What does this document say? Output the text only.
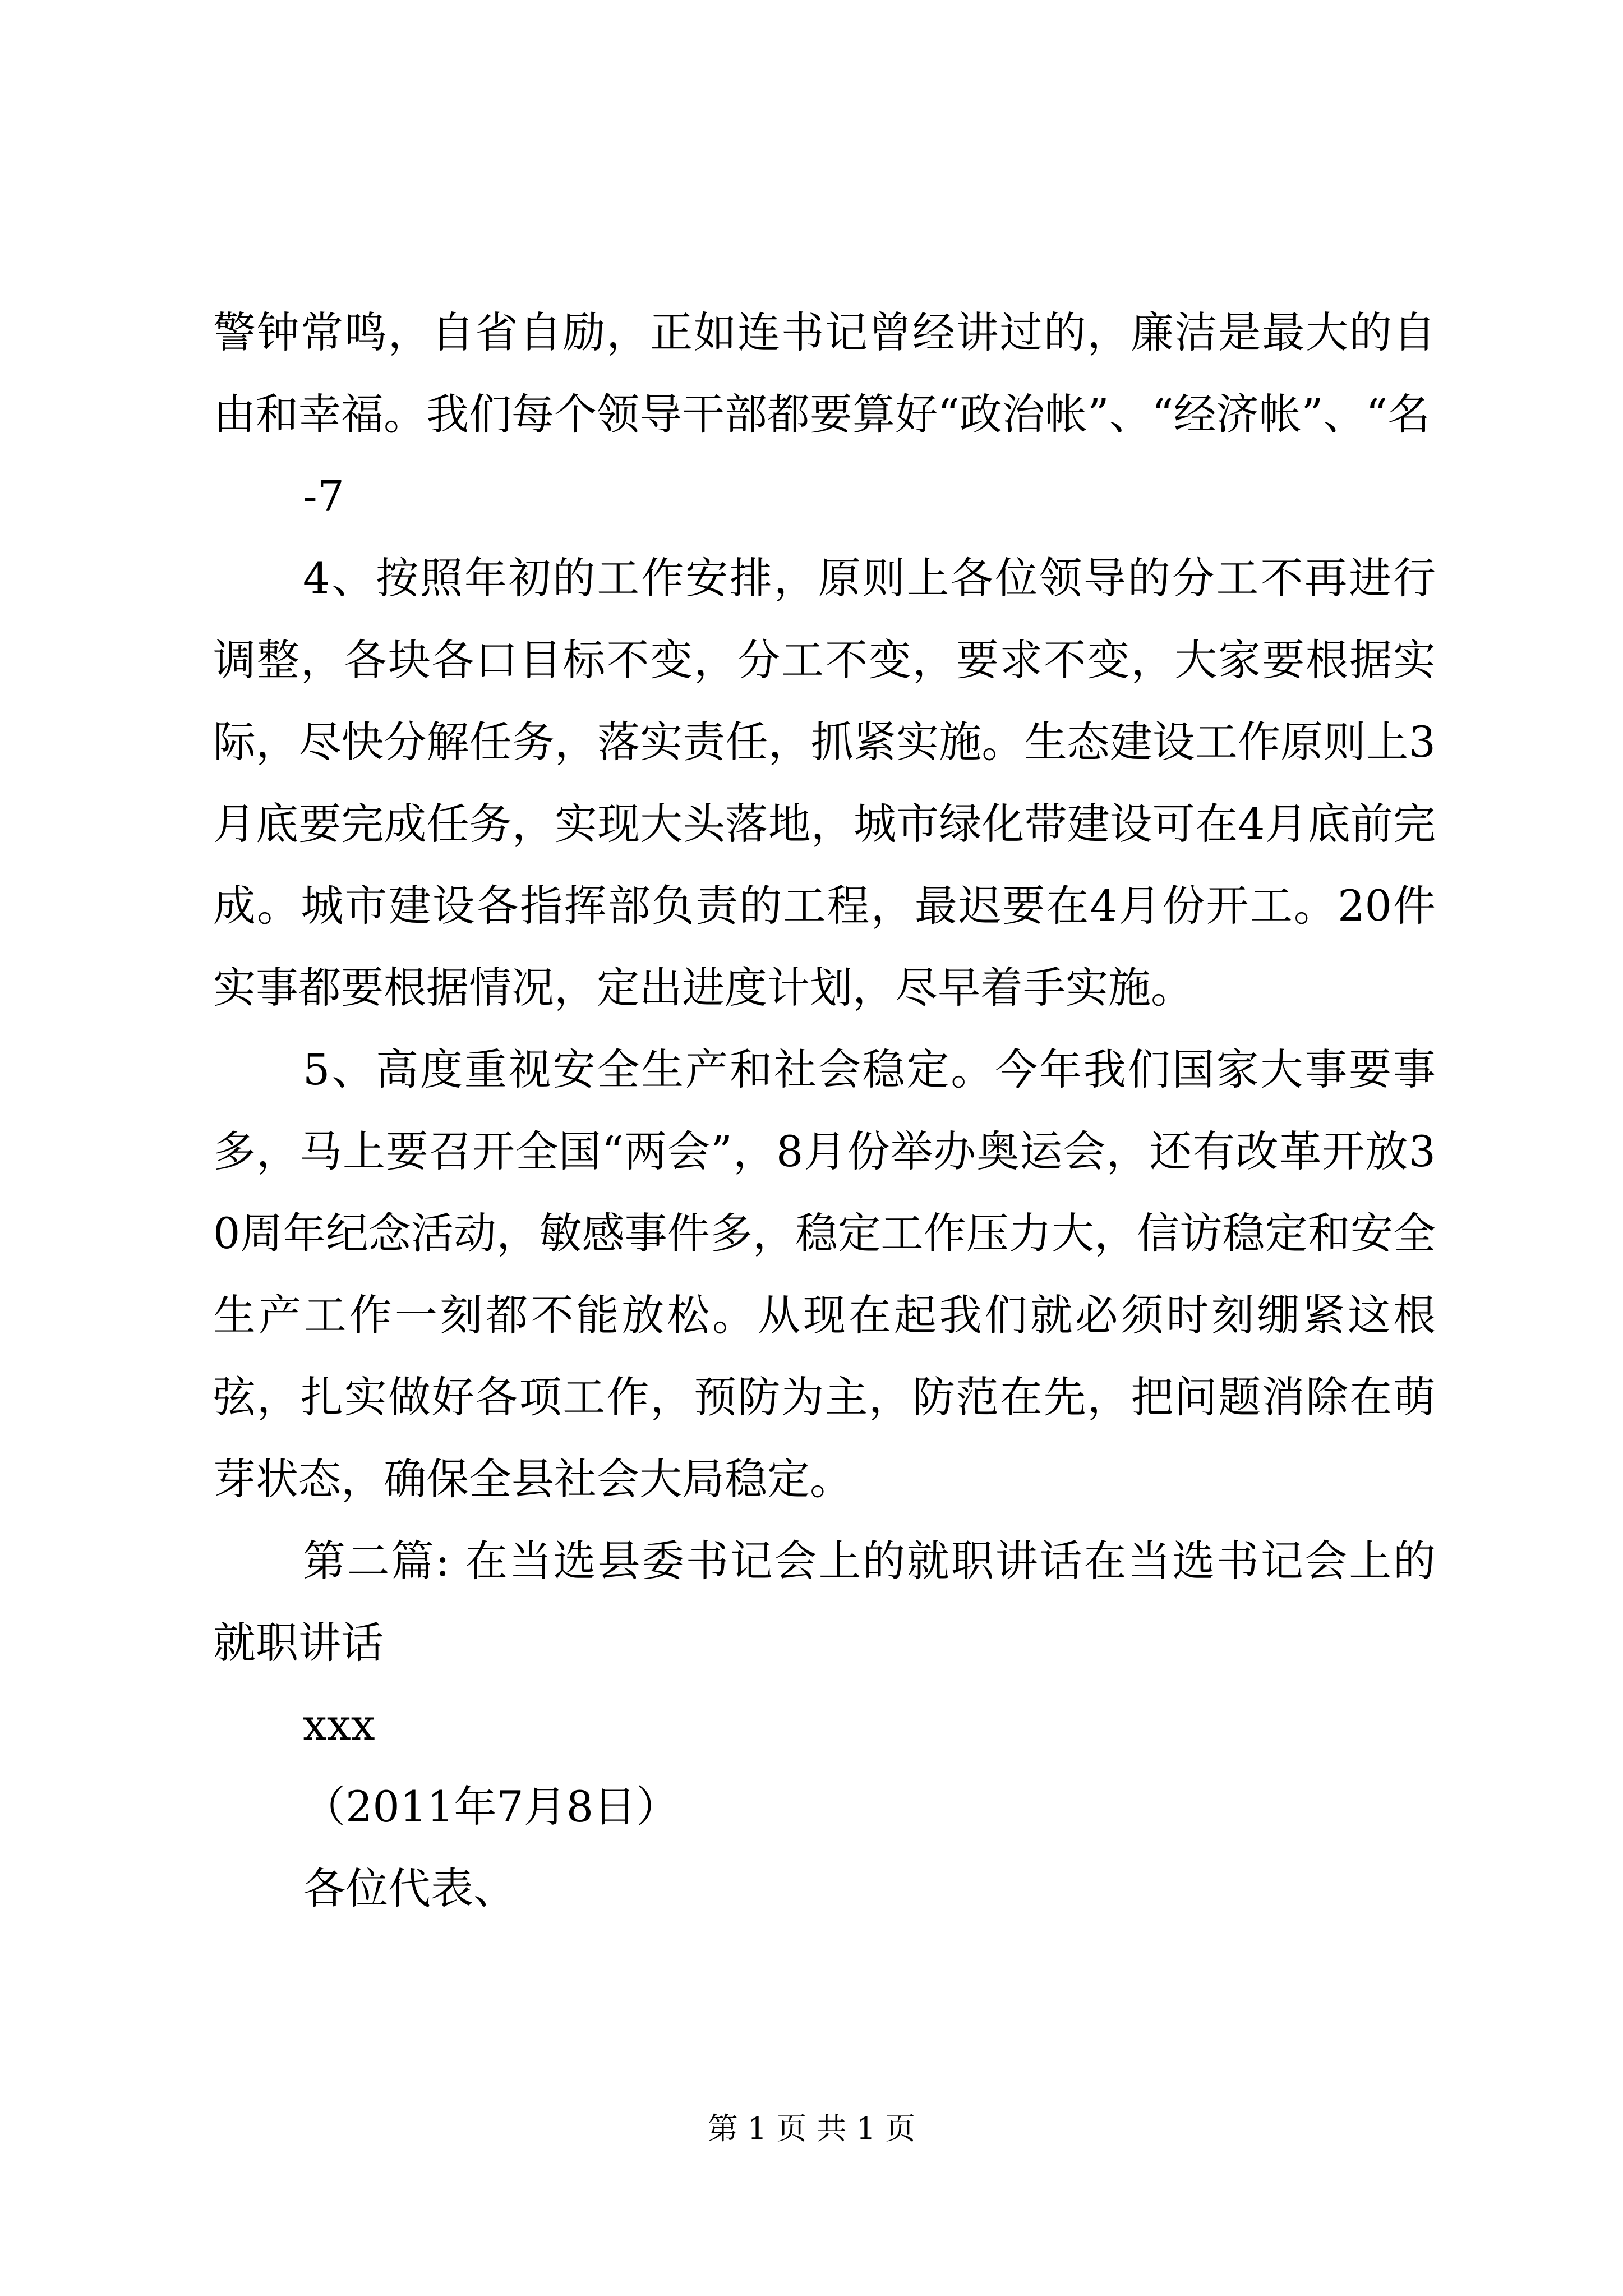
警钟常鸣，自省自励，正如连书记曾经讲过的，廉洁是最大的自由和幸福。我们每个领导干部都要算好“政治帐”、“经济帐”、“名

-7

4、按照年初的工作安排，原则上各位领导的分工不再进行调整，各块各口目标不变，分工不变，要求不变，大家要根据实际，尽快分解任务，落实责任，抓紧实施。生态建设工作原则上3月底要完成任务，实现大头落地，城市绿化带建设可在4月底前完成。城市建设各指挥部负责的工程，最迟要在4月份开工。20件实事都要根据情况，定出进度计划，尽早着手实施。

5、高度重视安全生产和社会稳定。今年我们国家大事要事多，马上要召开全国“两会”，8月份举办奥运会，还有改革开放30周年纪念活动，敏感事件多，稳定工作压力大，信访稳定和安全生产工作一刻都不能放松。从现在起我们就必须时刻绷紧这根弦，扎实做好各项工作，预防为主，防范在先，把问题消除在萌芽状态，确保全县社会大局稳定。

第二篇: 在当选县委书记会上的就职讲话在当选书记会上的就职讲话

xxx

（2011年7月8日）

各位代表、

第 1 页 共 1 页
